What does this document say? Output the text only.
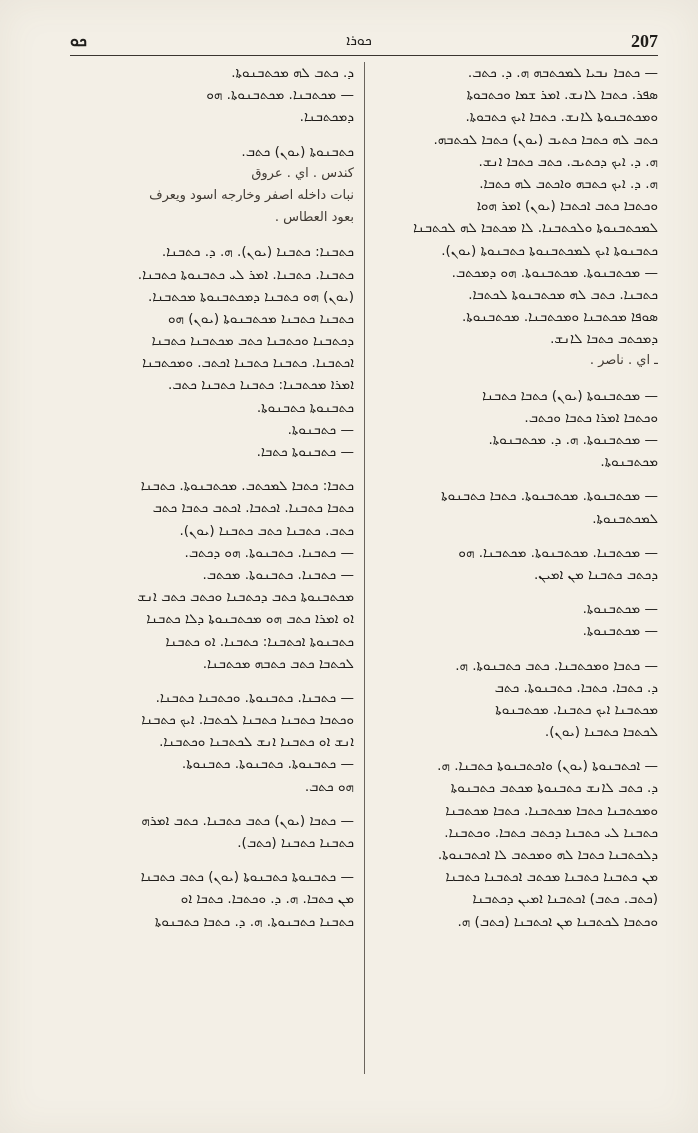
ܟܘ	ܟܘܪܐ	207
— ܟܬܒܐ ܢܒܝܐ ܠܡܟܬܒܗ ܗ. ܕ. ܟܬܒ.
ܣܦܪ. ܟܬܒܐ ܠܐܢܫ. ܐܡܪ ܫܡܐ ܘܟܬܒܘܬܐ
ܘܡܟܬܒܢܘܬܐ ܠܐܢܫ. ܟܬܒܐ ܐܝܟ ܟܬܒܘܬܐ.
ܟܬܒ ܠܗ ܟܬܒܐ ܟܬܝܒ (ܝܘܢ) ܟܬܒܐ ܠܟܬܒܗ.
ܗ. ܕ. ܐܝܟ ܕܟܬܝܒ. ܟܬܒ ܟܬܒܐ ܐܢܫ.
ܗ. ܕ. ܐܝܟ ܟܬܒܗ ܘܐܟܬܒ ܠܗ ܟܬܒܐ.
ܘܟܬܒܐ ܟܬܒ ܐܟܬܒܐ (ܝܘܢ) ܐܡܪ ܗܘܐ
ܠܡܟܬܒܢܘܬܐ ܘܠܟܬܒܢܐ. ܠܐ ܡܟܬܒܐ ܠܗ ܠܟܬܒܢܐ
ܟܬܒܢܘܬܐ ܐܝܟ ܠܡܟܬܒܢܘܬܐ ܟܬܒܢܘܬܐ (ܝܘܢ).
— ܡܟܬܒܢܘܬܐ. ܡܟܬܒܢܘܬܐ. ܗܘ ܕܡܟܬܒ.
ܟܬܒܢܐ. ܟܬܒ ܠܗ ܡܟܬܒܢܘܬܐ ܠܟܬܒܐ.
ܣܘܦܐ ܡܟܬܒܢܐ ܘܡܟܬܒܢܐ. ܡܟܬܒܢܘܬܐ.
ܕܡܟܬܒ ܟܬܒܐ ܠܐܢܫ.
ـ اي . ناصر .
— ܡܟܬܒܢܘܬܐ (ܝܘܢ) ܟܬܒܐ ܟܬܒܢܐ
ܘܟܬܒܐ ܐܡܪܐ ܟܬܒܐ ܘܟܬܒ.
— ܡܟܬܒܢܘܬܐ. ܗ. ܕ. ܡܟܬܒܢܘܬܐ.
ܡܟܬܒܢܘܬܐ.
— ܡܟܬܒܢܘܬܐ. ܡܟܬܒܢܘܬܐ. ܟܬܒܐ ܟܬܒܢܘܬܐ
ܠܡܟܬܒܢܘܬܐ.
— ܡܟܬܒܢܐ. ܡܟܬܒܢܘܬܐ. ܡܟܬܒܢܐ. ܗܘ
ܕܟܬܒ ܟܬܒܢܐ ܡܢ ܐܡܝܢ.
— ܡܟܬܒܢܘܬܐ.
— ܡܟܬܒܢܘܬܐ.
— ܟܬܒܐ ܘܡܟܬܒܢܐ. ܟܬܒ ܟܬܒܢܘܬܐ. ܗ.
ܕ. ܟܬܒܐ. ܟܬܒܐ. ܟܬܒܢܘܬܐ. ܟܬܒ
ܡܟܬܒܢܐ ܐܝܟ ܟܬܒܢܐ. ܡܟܬܒܢܘܬܐ
ܠܟܬܒܐ ܟܬܒܢܐ (ܝܘܢ).
— ܐܟܬܒܢܘܬܐ (ܝܘܢ) ܘܐܟܬܒܢܘܬܐ ܟܬܒܢܐ. ܗ.
ܕ. ܟܬܒ ܠܐܢܫ ܟܬܒܢܘܬܐ ܡܟܬܒ ܟܬܒܢܘܬܐ
ܘܡܟܬܒܢܐ ܟܬܒܐ ܡܟܬܒܢܐ. ܟܬܒܐ ܡܟܬܒܢܐ
ܟܬܒܢܐ ܠܝ ܟܬܒܢܐ ܕܟܬܒ ܟܬܒܐ. ܘܟܬܒܢܐ.
ܕܠܟܬܒܢܐ ܟܬܒܐ ܠܗ ܘܡܟܬܒ ܠܐ ܐܟܬܒܢܘܬܐ.
ܡܢ ܟܬܒܢܐ ܟܬܒܢܐ ܡܟܬܒ ܐܟܬܒܢܐ ܟܬܒܢܐ
(ܟܬܒ. ܟܬܒ) ܐܟܬܒܢܐ ܐܡܝܢ ܕܟܬܒܢܐ
ܘܟܬܒܐ ܠܟܬܒܢܐ ܡܢ ܐܟܬܒܢܐ (ܟܬܒ) ܗ.
ܕ. ܟܬܒ ܠܗ ܡܟܬܒܢܘܬܐ.
— ܡܟܬܒܢܐ. ܡܟܬܒܢܘܬܐ. ܗܘ
ܕܡܟܬܒܢܐ.
ܟܬܒܢܘܬܐ (ܝܘܢ) ܟܬܒ.
كندس . اي . عروق
نبات داخله اصفر وخارجه اسود ويعرف
بعود العطاس .
ܟܬܒܢܐ: ܟܬܒܢܐ (ܝܘܢ). ܗ. ܕ. ܟܬܒܢܐ.
ܟܬܒܢܐ. ܟܬܒܢܐ. ܐܡܪ ܠܝ ܟܬܒܢܘܬܐ ܟܬܒܢܐ.
(ܝܘܢ) ܗܘ ܟܬܒܢܐ ܕܡܟܬܒܢܘܬܐ ܡܟܬܒܢܐ.
ܟܬܒܢܐ ܟܬܒܢܐ ܡܟܬܒܢܘܬܐ (ܝܘܢ) ܗܘ
ܕܟܬܒܢܐ ܘܟܬܒܢܐ ܟܬܒ ܡܟܬܒܢܐ ܟܬܒܢܐ
ܐܟܬܒܢܐ. ܟܬܒܢܐ ܟܬܒܢܐ ܐܟܬܒ. ܘܡܟܬܒܢܐ
ܐܡܪܐ ܡܟܬܒܢܐ: ܟܬܒܢܐ ܟܬܒܢܐ ܟܬܒ.
ܟܬܒܢܘܬܐ ܟܬܒܢܘܬܐ.
— ܟܬܒܢܘܬܐ.
— ܟܬܒܢܘܬܐ ܟܬܒܐ.
ܟܬܒܐ: ܟܬܒܐ ܠܡܟܬܒ. ܡܟܬܒܢܘܬܐ. ܟܬܒܢܐ
ܟܬܒܐ ܟܬܒܢܐ. ܐܟܬܒܐ. ܐܟܬܒ ܟܬܒܐ ܟܬܒ
ܟܬܒ. ܟܬܒܢܐ ܟܬܒ ܟܬܒܢܐ (ܝܘܢ).
— ܟܬܒܢܐ. ܟܬܒܢܘܬܐ. ܗܘ ܕܟܬܒ.
— ܟܬܒܢܐ. ܟܬܒܢܘܬܐ. ܡܟܬܒ.
ܡܟܬܒܢܘܬܐ ܟܬܒ ܕܟܬܒܢܐ ܘܟܬܒ ܟܬܒ ܐܢܫ
ܐܘ ܐܡܪܐ ܟܬܒ ܗܘ ܡܟܬܒܢܘܬܐ ܕܠܐ ܟܬܒܢܐ
ܟܬܒܢܘܬܐ ܐܟܬܒܢܐ: ܟܬܒܢܐ. ܐܘ ܟܬܒܢܐ
ܠܟܬܒܐ ܟܬܒ ܟܬܒܗ ܡܟܬܒܢܐ.
— ܟܬܒܢܐ. ܟܬܒܢܘܬܐ. ܘܟܬܒܢܐ ܟܬܒܢܐ.
ܘܟܬܒܐ ܟܬܒܢܐ ܟܬܒܢܐ ܠܟܬܒܐ. ܐܝܟ ܟܬܒܢܐ
ܐܢܫ ܐܘ ܟܬܒܢܐ ܐܢܫ ܠܟܬܒܢܐ ܘܟܬܒܢܐ.
— ܟܬܒܢܘܬܐ. ܟܬܒܢܘܬܐ. ܟܬܒܢܘܬܐ.
ܗܘ ܟܬܒ.
— ܟܬܒܐ (ܝܘܢ) ܟܬܒ ܟܬܒܢܐ. ܟܬܒ ܐܡܪܗ
ܟܬܒܢܐ ܟܬܒܢܐ (ܟܬܒ).
— ܟܬܒܢܘܬܐ ܟܬܒܢܘܬܐ (ܝܘܢ) ܟܬܒ ܟܬܒܢܐ
ܡܢ ܟܬܒܐ. ܗ. ܕ. ܘܟܬܒܐ. ܟܬܒܐ ܐܘ
ܟܬܒܢܐ ܟܬܒܢܘܬܐ. ܗ. ܕ. ܟܬܒܐ ܟܬܒܢܘܬܐ
